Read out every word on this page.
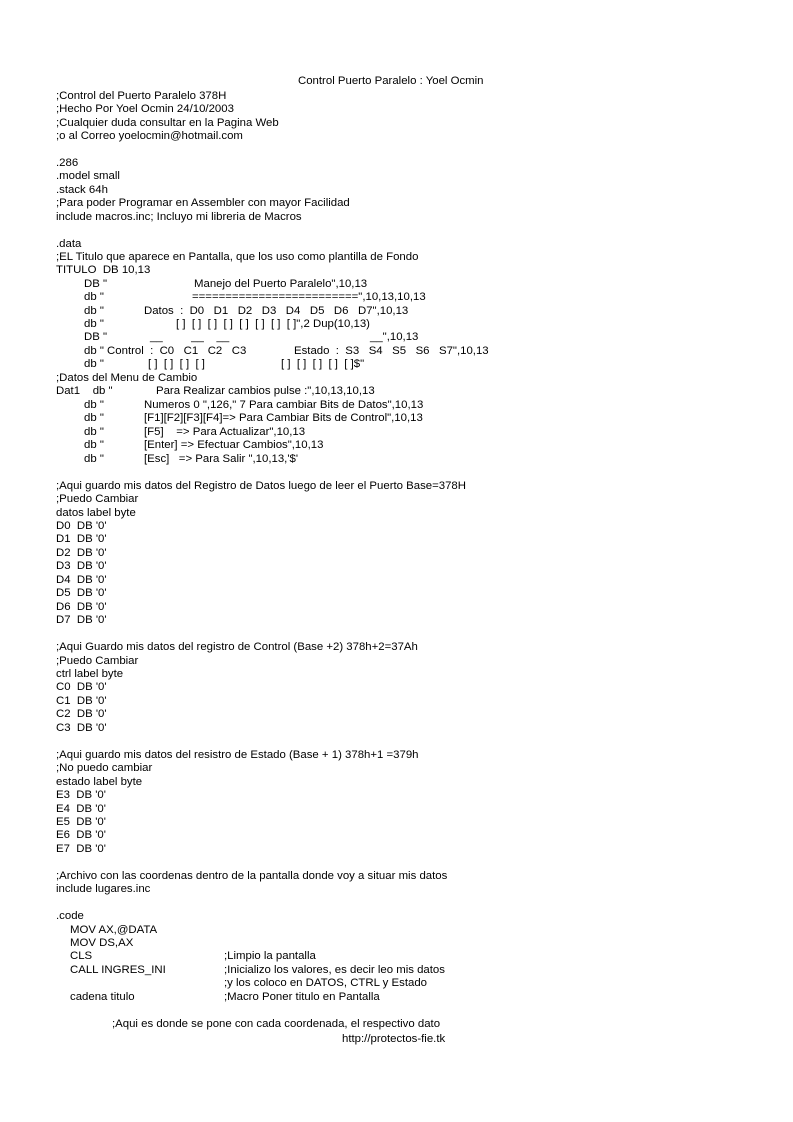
Control Puerto Paralelo : Yoel Ocmin
;Control del Puerto Paralelo 378H
;Hecho Por Yoel Ocmin 24/10/2003
;Cualquier duda consultar en la Pagina Web
;o al Correo yoelocmin@hotmail.com
.286
.model small
.stack 64h
;Para poder Programar en Assembler con mayor Facilidad
include macros.inc; Incluyo mi libreria de Macros
.data
;EL Titulo que aparece en Pantalla, que los uso como plantilla de Fondo
TITULO  DB 10,13
DB "	Manejo del Puerto Paralelo",10,13
db "	=========================",10,13,10,13
db "	Datos  :  D0   D1   D2   D3   D4   D5   D6   D7",10,13
db "	[ ]  [ ]  [ ]  [ ]  [ ]  [ ]  [ ]  [ ]",2 Dup(10,13)
DB "	__         __    __	__",10,13
db " Control  :  C0   C1   C2   C3	Estado  :  S3   S4   S5   S6   S7",10,13
db "	[ ]  [ ]  [ ]  [ ]	[ ]  [ ]  [ ]  [ ]  [ ]$"
;Datos del Menu de Cambio
Dat1    db "	Para Realizar cambios pulse :",10,13,10,13
db "	Numeros 0 ",126," 7 Para cambiar Bits de Datos",10,13
db "	[F1][F2][F3][F4]=> Para Cambiar Bits de Control",10,13
db "	[F5]    => Para Actualizar",10,13
db "	[Enter] => Efectuar Cambios",10,13
db "	[Esc]   => Para Salir ",10,13,'$'
;Aqui guardo mis datos del Registro de Datos luego de leer el Puerto Base=378H
;Puedo Cambiar
datos label byte
D0  DB '0'
D1  DB '0'
D2  DB '0'
D3  DB '0'
D4  DB '0'
D5  DB '0'
D6  DB '0'
D7  DB '0'
;Aqui Guardo mis datos del registro de Control (Base +2) 378h+2=37Ah
;Puedo Cambiar
ctrl label byte
C0  DB '0'
C1  DB '0'
C2  DB '0'
C3  DB '0'
;Aqui guardo mis datos del resistro de Estado (Base + 1) 378h+1 =379h
;No puedo cambiar
estado label byte
E3  DB '0'
E4  DB '0'
E5  DB '0'
E6  DB '0'
E7  DB '0'
;Archivo con las coordenas dentro de la pantalla donde voy a situar mis datos
include lugares.inc
.code
MOV AX,@DATA
MOV DS,AX
CLS	;Limpio la pantalla
CALL INGRES_INI	;Inicializo los valores, es decir leo mis datos
;y los coloco en DATOS, CTRL y Estado
cadena titulo	;Macro Poner titulo en Pantalla
;Aqui es donde se pone con cada coordenada, el respectivo dato
http://protectos-fie.tk
